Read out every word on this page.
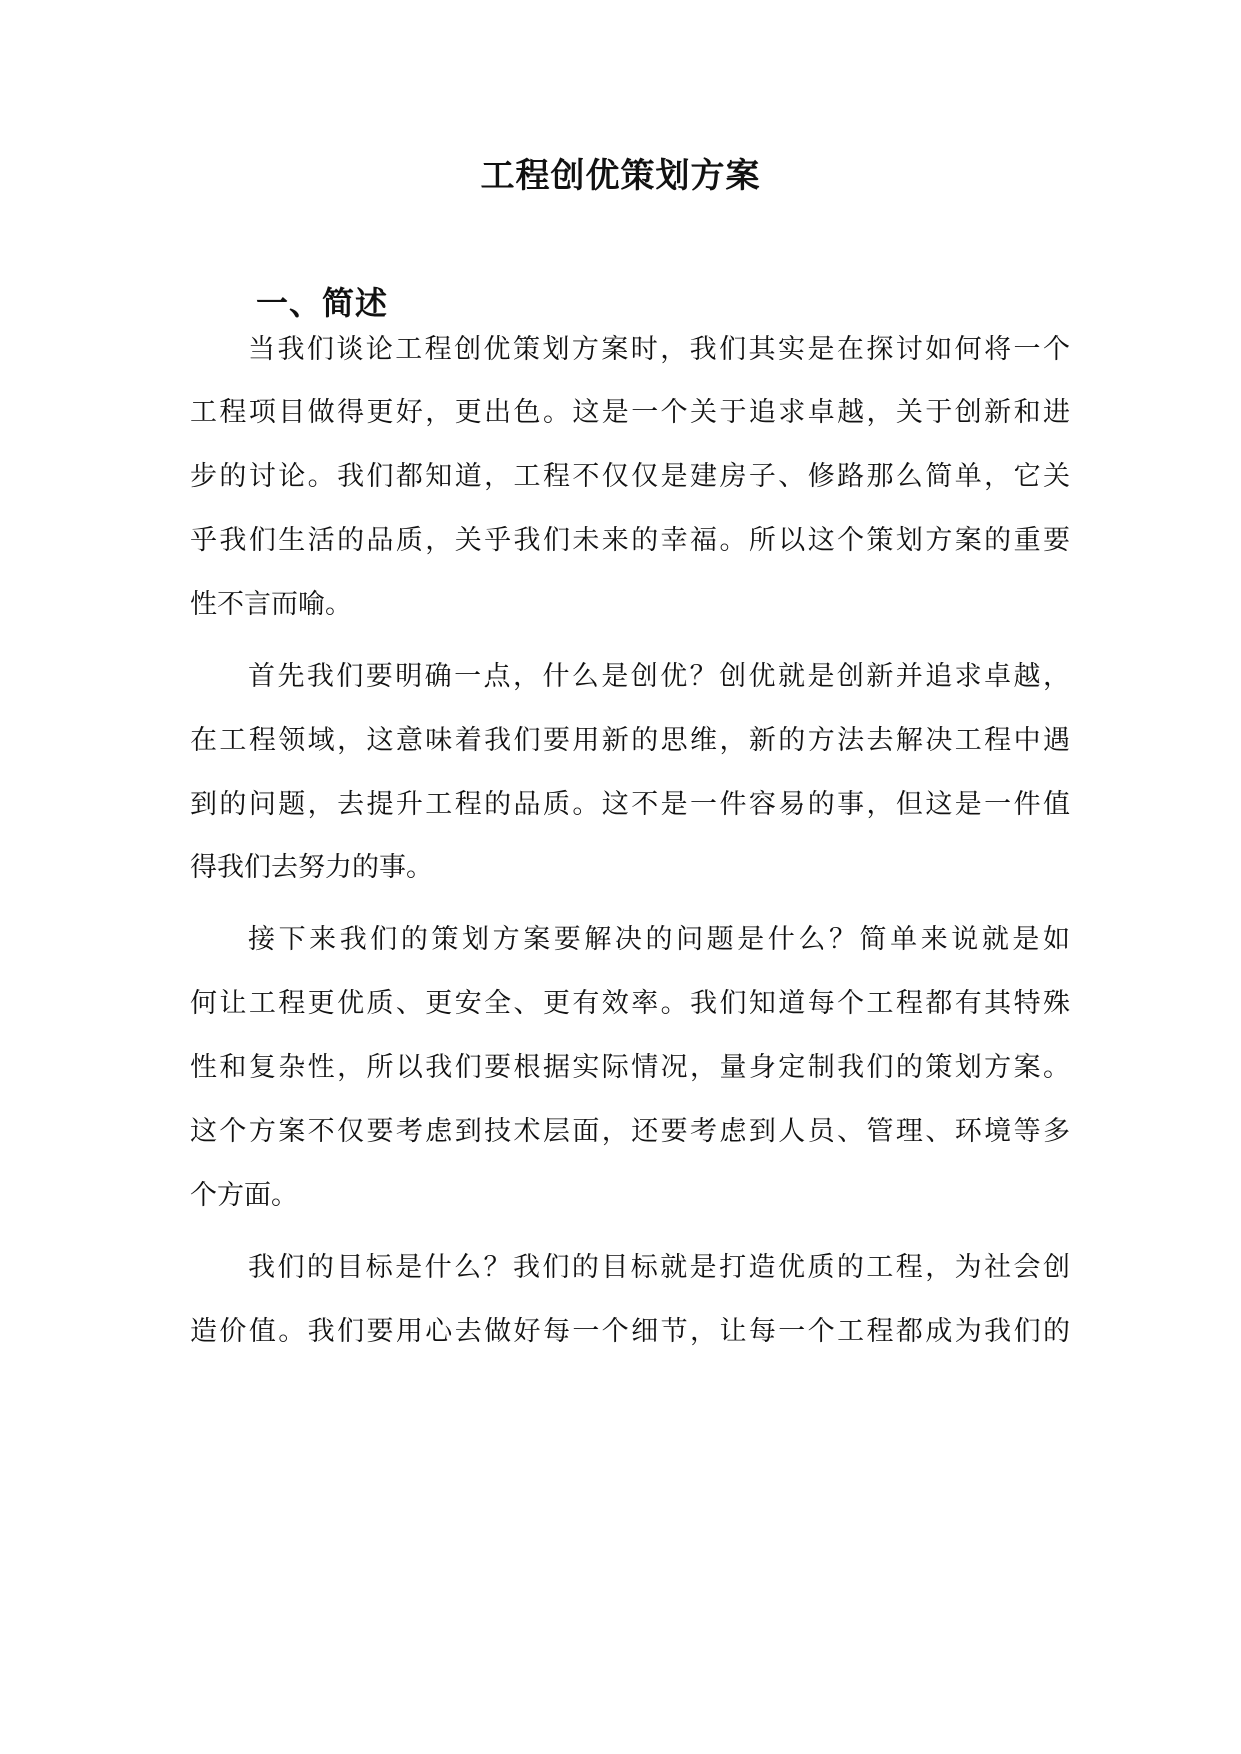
工程创优策划方案
一、简述
当我们谈论工程创优策划方案时，我们其实是在探讨如何将一个
工程项目做得更好，更出色。这是一个关于追求卓越，关于创新和进
步的讨论。我们都知道，工程不仅仅是建房子、修路那么简单，它关
乎我们生活的品质，关乎我们未来的幸福。所以这个策划方案的重要
性不言而喻。
首先我们要明确一点，什么是创优？创优就是创新并追求卓越，
在工程领域，这意味着我们要用新的思维，新的方法去解决工程中遇
到的问题，去提升工程的品质。这不是一件容易的事，但这是一件值
得我们去努力的事。
接下来我们的策划方案要解决的问题是什么？简单来说就是如
何让工程更优质、更安全、更有效率。我们知道每个工程都有其特殊
性和复杂性，所以我们要根据实际情况，量身定制我们的策划方案。
这个方案不仅要考虑到技术层面，还要考虑到人员、管理、环境等多
个方面。
我们的目标是什么？我们的目标就是打造优质的工程，为社会创
造价值。我们要用心去做好每一个细节，让每一个工程都成为我们的
